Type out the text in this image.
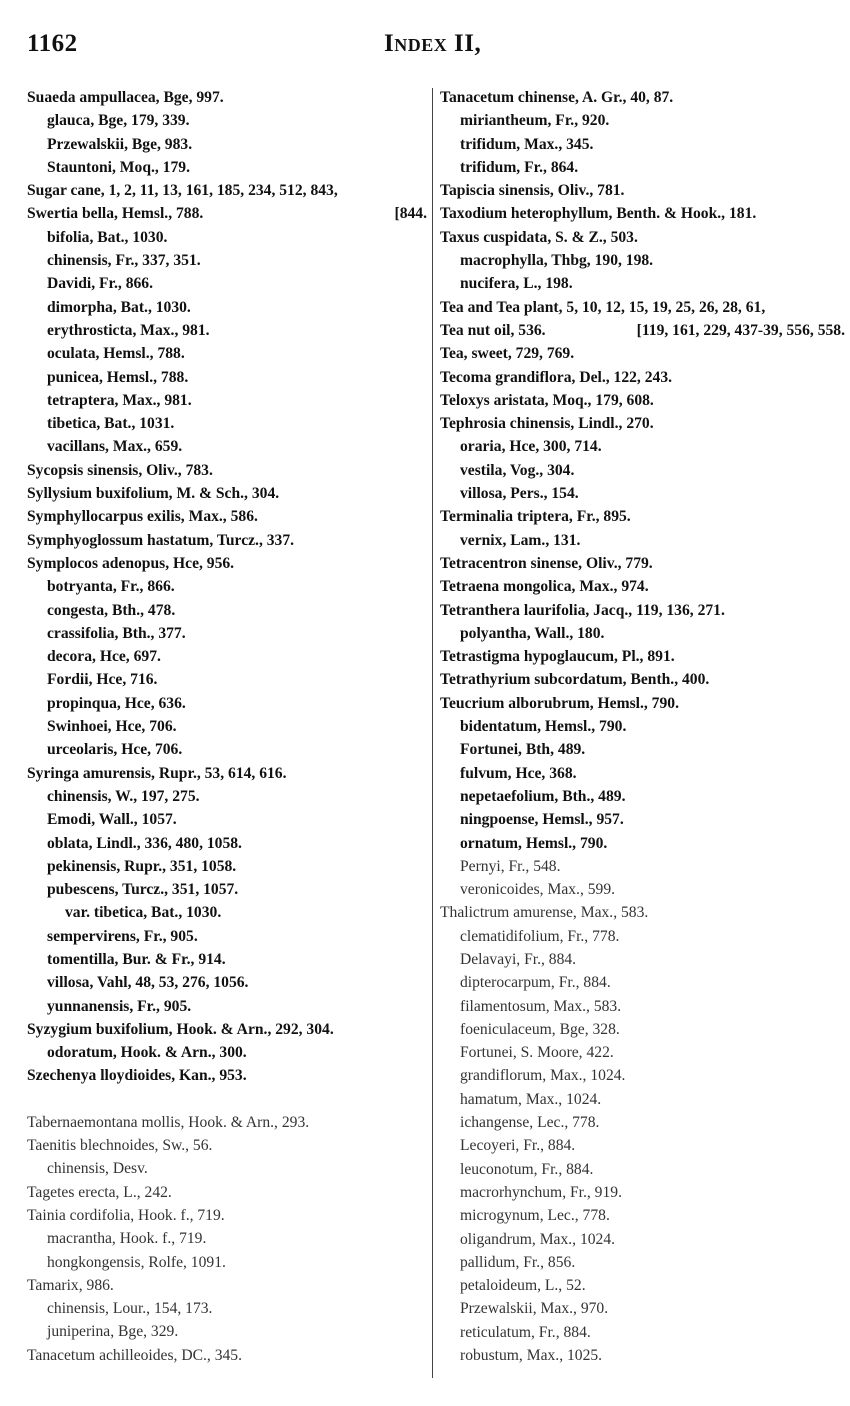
1162	Index II,
Suaeda ampullacea, Bge, 997.
glauca, Bge, 179, 339.
Przewalskii, Bge, 983.
Stauntoni, Moq., 179.
Sugar cane, 1, 2, 11, 13, 161, 185, 234, 512, 843,
Swertia bella, Hemsl., 788.	[844.
bifolia, Bat., 1030.
chinensis, Fr., 337, 351.
Davidi, Fr., 866.
dimorpha, Bat., 1030.
erythrosticta, Max., 981.
oculata, Hemsl., 788.
punicea, Hemsl., 788.
tetraptera, Max., 981.
tibetica, Bat., 1031.
vacillans, Max., 659.
Sycopsis sinensis, Oliv., 783.
Syllysium buxifolium, M. & Sch., 304.
Symphyllocarpus exilis, Max., 586.
Symphyoglossum hastatum, Turcz., 337.
Symplocos adenopus, Hce, 956.
botryanta, Fr., 866.
congesta, Bth., 478.
crassifolia, Bth., 377.
decora, Hce, 697.
Fordii, Hce, 716.
propinqua, Hce, 636.
Swinhoei, Hce, 706.
urceolaris, Hce, 706.
Syringa amurensis, Rupr., 53, 614, 616.
chinensis, W., 197, 275.
Emodi, Wall., 1057.
oblata, Lindl., 336, 480, 1058.
pekinensis, Rupr., 351, 1058.
pubescens, Turcz., 351, 1057.
var. tibetica, Bat., 1030.
sempervirens, Fr., 905.
tomentilla, Bur. & Fr., 914.
villosa, Vahl, 48, 53, 276, 1056.
yunnanensis, Fr., 905.
Syzygium buxifolium, Hook. & Arn., 292, 304.
odoratum, Hook. & Arn., 300.
Szechenya lloydioides, Kan., 953.
Tabernaemontana mollis, Hook. & Arn., 293.
Taenitis blechnoides, Sw., 56.
chinensis, Desv.
Tagetes erecta, L., 242.
Tainia cordifolia, Hook. f., 719.
macrantha, Hook. f., 719.
hongkongensis, Rolfe, 1091.
Tamarix, 986.
chinensis, Lour., 154, 173.
juniperina, Bge, 329.
Tanacetum achilleoides, DC., 345.
Tanacetum chinense, A. Gr., 40, 87.
miriantheum, Fr., 920.
trifidum, Max., 345.
trifidum, Fr., 864.
Tapiscia sinensis, Oliv., 781.
Taxodium heterophyllum, Benth. & Hook., 181.
Taxus cuspidata, S. & Z., 503.
macrophylla, Thbg, 190, 198.
nucifera, L., 198.
Tea and Tea plant, 5, 10, 12, 15, 19, 25, 26, 28, 61,
Tea nut oil, 536.	[119, 161, 229, 437-39, 556, 558.
Tea, sweet, 729, 769.
Tecoma grandiflora, Del., 122, 243.
Teloxys aristata, Moq., 179, 608.
Tephrosia chinensis, Lindl., 270.
oraria, Hce, 300, 714.
vestila, Vog., 304.
villosa, Pers., 154.
Terminalia triptera, Fr., 895.
vernix, Lam., 131.
Tetracentron sinense, Oliv., 779.
Tetraena mongolica, Max., 974.
Tetranthera laurifolia, Jacq., 119, 136, 271.
polyantha, Wall., 180.
Tetrastigma hypoglaucum, Pl., 891.
Tetrathyrium subcordatum, Benth., 400.
Teucrium alborubrum, Hemsl., 790.
bidentatum, Hemsl., 790.
Fortunei, Bth, 489.
fulvum, Hce, 368.
nepetaefolium, Bth., 489.
ningpoense, Hemsl., 957.
ornatum, Hemsl., 790.
Pernyi, Fr., 548.
veronicoides, Max., 599.
Thalictrum amurense, Max., 583.
clematidifolium, Fr., 778.
Delavayi, Fr., 884.
dipterocarpum, Fr., 884.
filamentosum, Max., 583.
foeniculaceum, Bge, 328.
Fortunei, S. Moore, 422.
grandiflorum, Max., 1024.
hamatum, Max., 1024.
ichangense, Lec., 778.
Lecoyeri, Fr., 884.
leuconotum, Fr., 884.
macrorhynchum, Fr., 919.
microgynum, Lec., 778.
oligandrum, Max., 1024.
pallidum, Fr., 856.
petaloideum, L., 52.
Przewalskii, Max., 970.
reticulatum, Fr., 884.
robustum, Max., 1025.
